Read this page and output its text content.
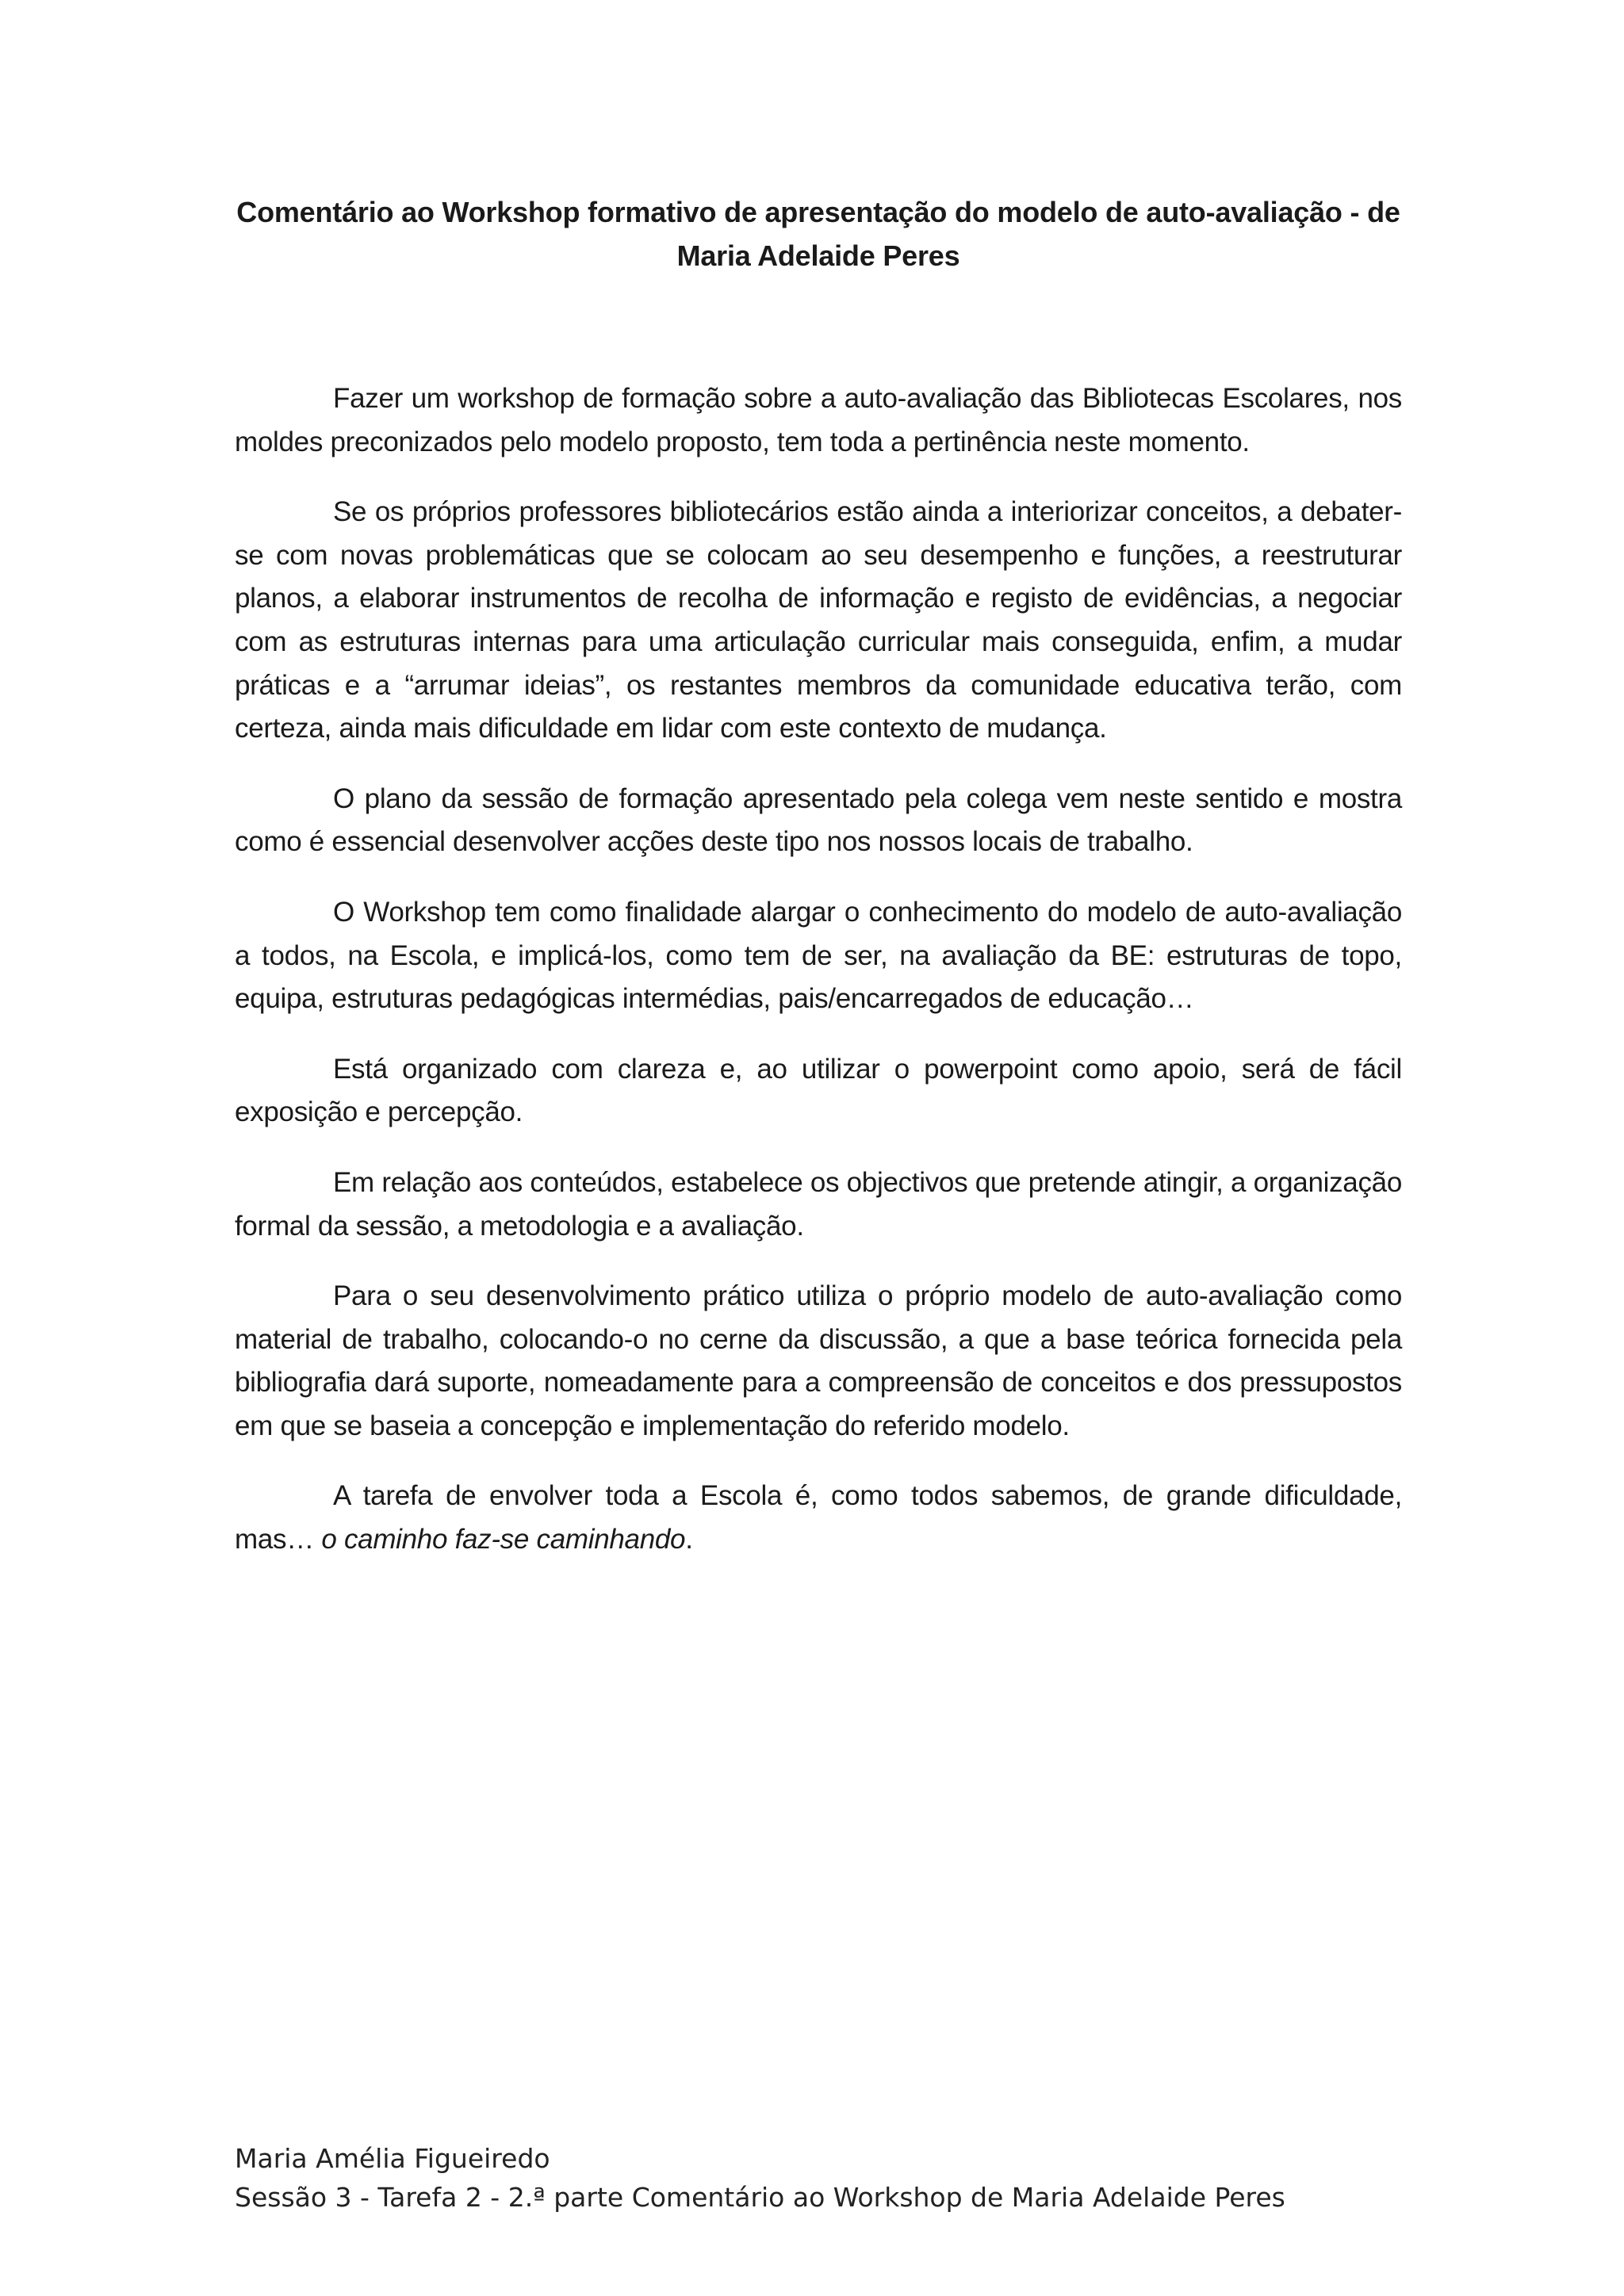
Comentário ao Workshop formativo de apresentação do modelo de auto-avaliação - de
Maria Adelaide Peres

Fazer um workshop de formação sobre a auto-avaliação das Bibliotecas Escolares, nos moldes preconizados pelo modelo proposto, tem toda a pertinência neste momento.

Se os próprios professores bibliotecários estão ainda a interiorizar conceitos, a debater-se com novas problemáticas que se colocam ao seu desempenho e funções, a reestruturar planos, a elaborar instrumentos de recolha de informação e registo de evidências, a negociar com as estruturas internas para uma articulação curricular mais conseguida, enfim, a mudar práticas e a “arrumar ideias”, os restantes membros da comunidade educativa terão, com certeza, ainda mais dificuldade em lidar com este contexto de mudança.

O plano da sessão de formação apresentado pela colega vem neste sentido e mostra como é essencial desenvolver acções deste tipo nos nossos locais de trabalho.

O Workshop tem como finalidade alargar o conhecimento do modelo de auto-avaliação a todos, na Escola, e implicá-los, como tem de ser, na avaliação da BE: estruturas de topo, equipa, estruturas pedagógicas intermédias, pais/encarregados de educação…

Está organizado com clareza e, ao utilizar o powerpoint como apoio, será de fácil exposição e percepção.

Em relação aos conteúdos, estabelece os objectivos que pretende atingir, a organização formal da sessão, a metodologia e a avaliação.

Para o seu desenvolvimento prático utiliza o próprio modelo de auto-avaliação como material de trabalho, colocando-o no cerne da discussão, a que a base teórica fornecida pela bibliografia dará suporte, nomeadamente para a compreensão de conceitos e dos pressupostos em que se baseia a concepção e implementação do referido modelo.

A tarefa de envolver toda a Escola é, como todos sabemos, de grande dificuldade, mas… o caminho faz-se caminhando.

Maria Amélia Figueiredo
Sessão 3 - Tarefa 2 - 2.ª parte Comentário ao Workshop de Maria Adelaide Peres
